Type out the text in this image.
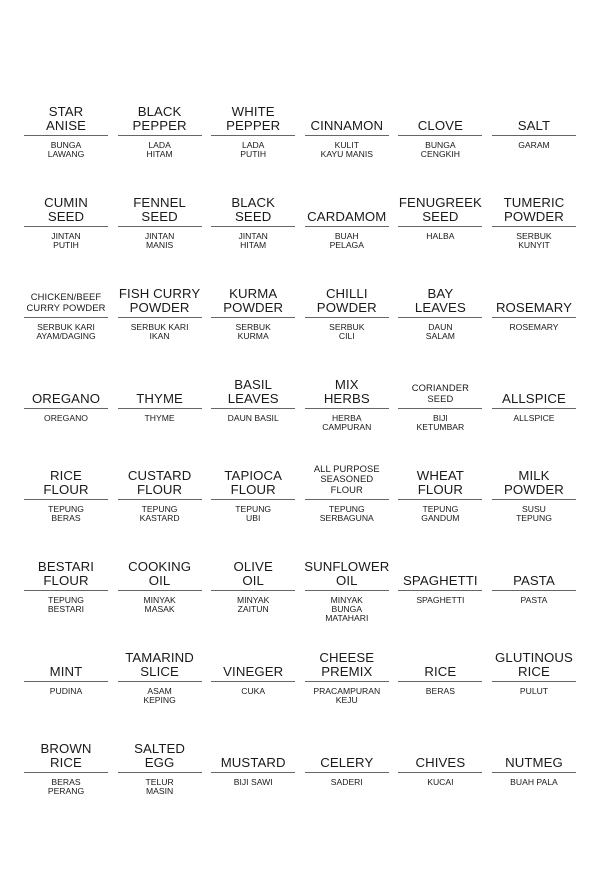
STAR
ANISE
BUNGA
LAWANG
BLACK
PEPPER
LADA
HITAM
WHITE
PEPPER
LADA
PUTIH
CINNAMON
KULIT
KAYU MANIS
CLOVE
BUNGA
CENGKIH
SALT
GARAM
CUMIN
SEED
JINTAN
PUTIH
FENNEL
SEED
JINTAN
MANIS
BLACK
SEED
JINTAN
HITAM
CARDAMOM
BUAH
PELAGA
FENUGREEK
SEED
HALBA
TUMERIC
POWDER
SERBUK
KUNYIT
CHICKEN/BEEF
CURRY POWDER
SERBUK KARI
AYAM/DAGING
FISH CURRY
POWDER
SERBUK KARI
IKAN
KURMA
POWDER
SERBUK
KURMA
CHILLI
POWDER
SERBUK
CILI
BAY
LEAVES
DAUN
SALAM
ROSEMARY
ROSEMARY
OREGANO
OREGANO
THYME
THYME
BASIL
LEAVES
DAUN BASIL
MIX
HERBS
HERBA
CAMPURAN
CORIANDER
SEED
BIJI
KETUMBAR
ALLSPICE
ALLSPICE
RICE
FLOUR
TEPUNG
BERAS
CUSTARD
FLOUR
TEPUNG
KASTARD
TAPIOCA
FLOUR
TEPUNG
UBI
ALL PURPOSE
SEASONED FLOUR
TEPUNG
SERBAGUNA
WHEAT
FLOUR
TEPUNG
GANDUM
MILK
POWDER
SUSU
TEPUNG
BESTARI
FLOUR
TEPUNG
BESTARI
COOKING
OIL
MINYAK
MASAK
OLIVE
OIL
MINYAK
ZAITUN
SUNFLOWER
OIL
MINYAK
BUNGA
MATAHARI
SPAGHETTI
SPAGHETTI
PASTA
PASTA
MINT
PUDINA
TAMARIND
SLICE
ASAM
KEPING
VINEGER
CUKA
CHEESE
PREMIX
PRACAMPURAN
KEJU
RICE
BERAS
GLUTINOUS
RICE
PULUT
BROWN
RICE
BERAS
PERANG
SALTED
EGG
TELUR
MASIN
MUSTARD
BIJI SAWI
CELERY
SADERI
CHIVES
KUCAI
NUTMEG
BUAH PALA
